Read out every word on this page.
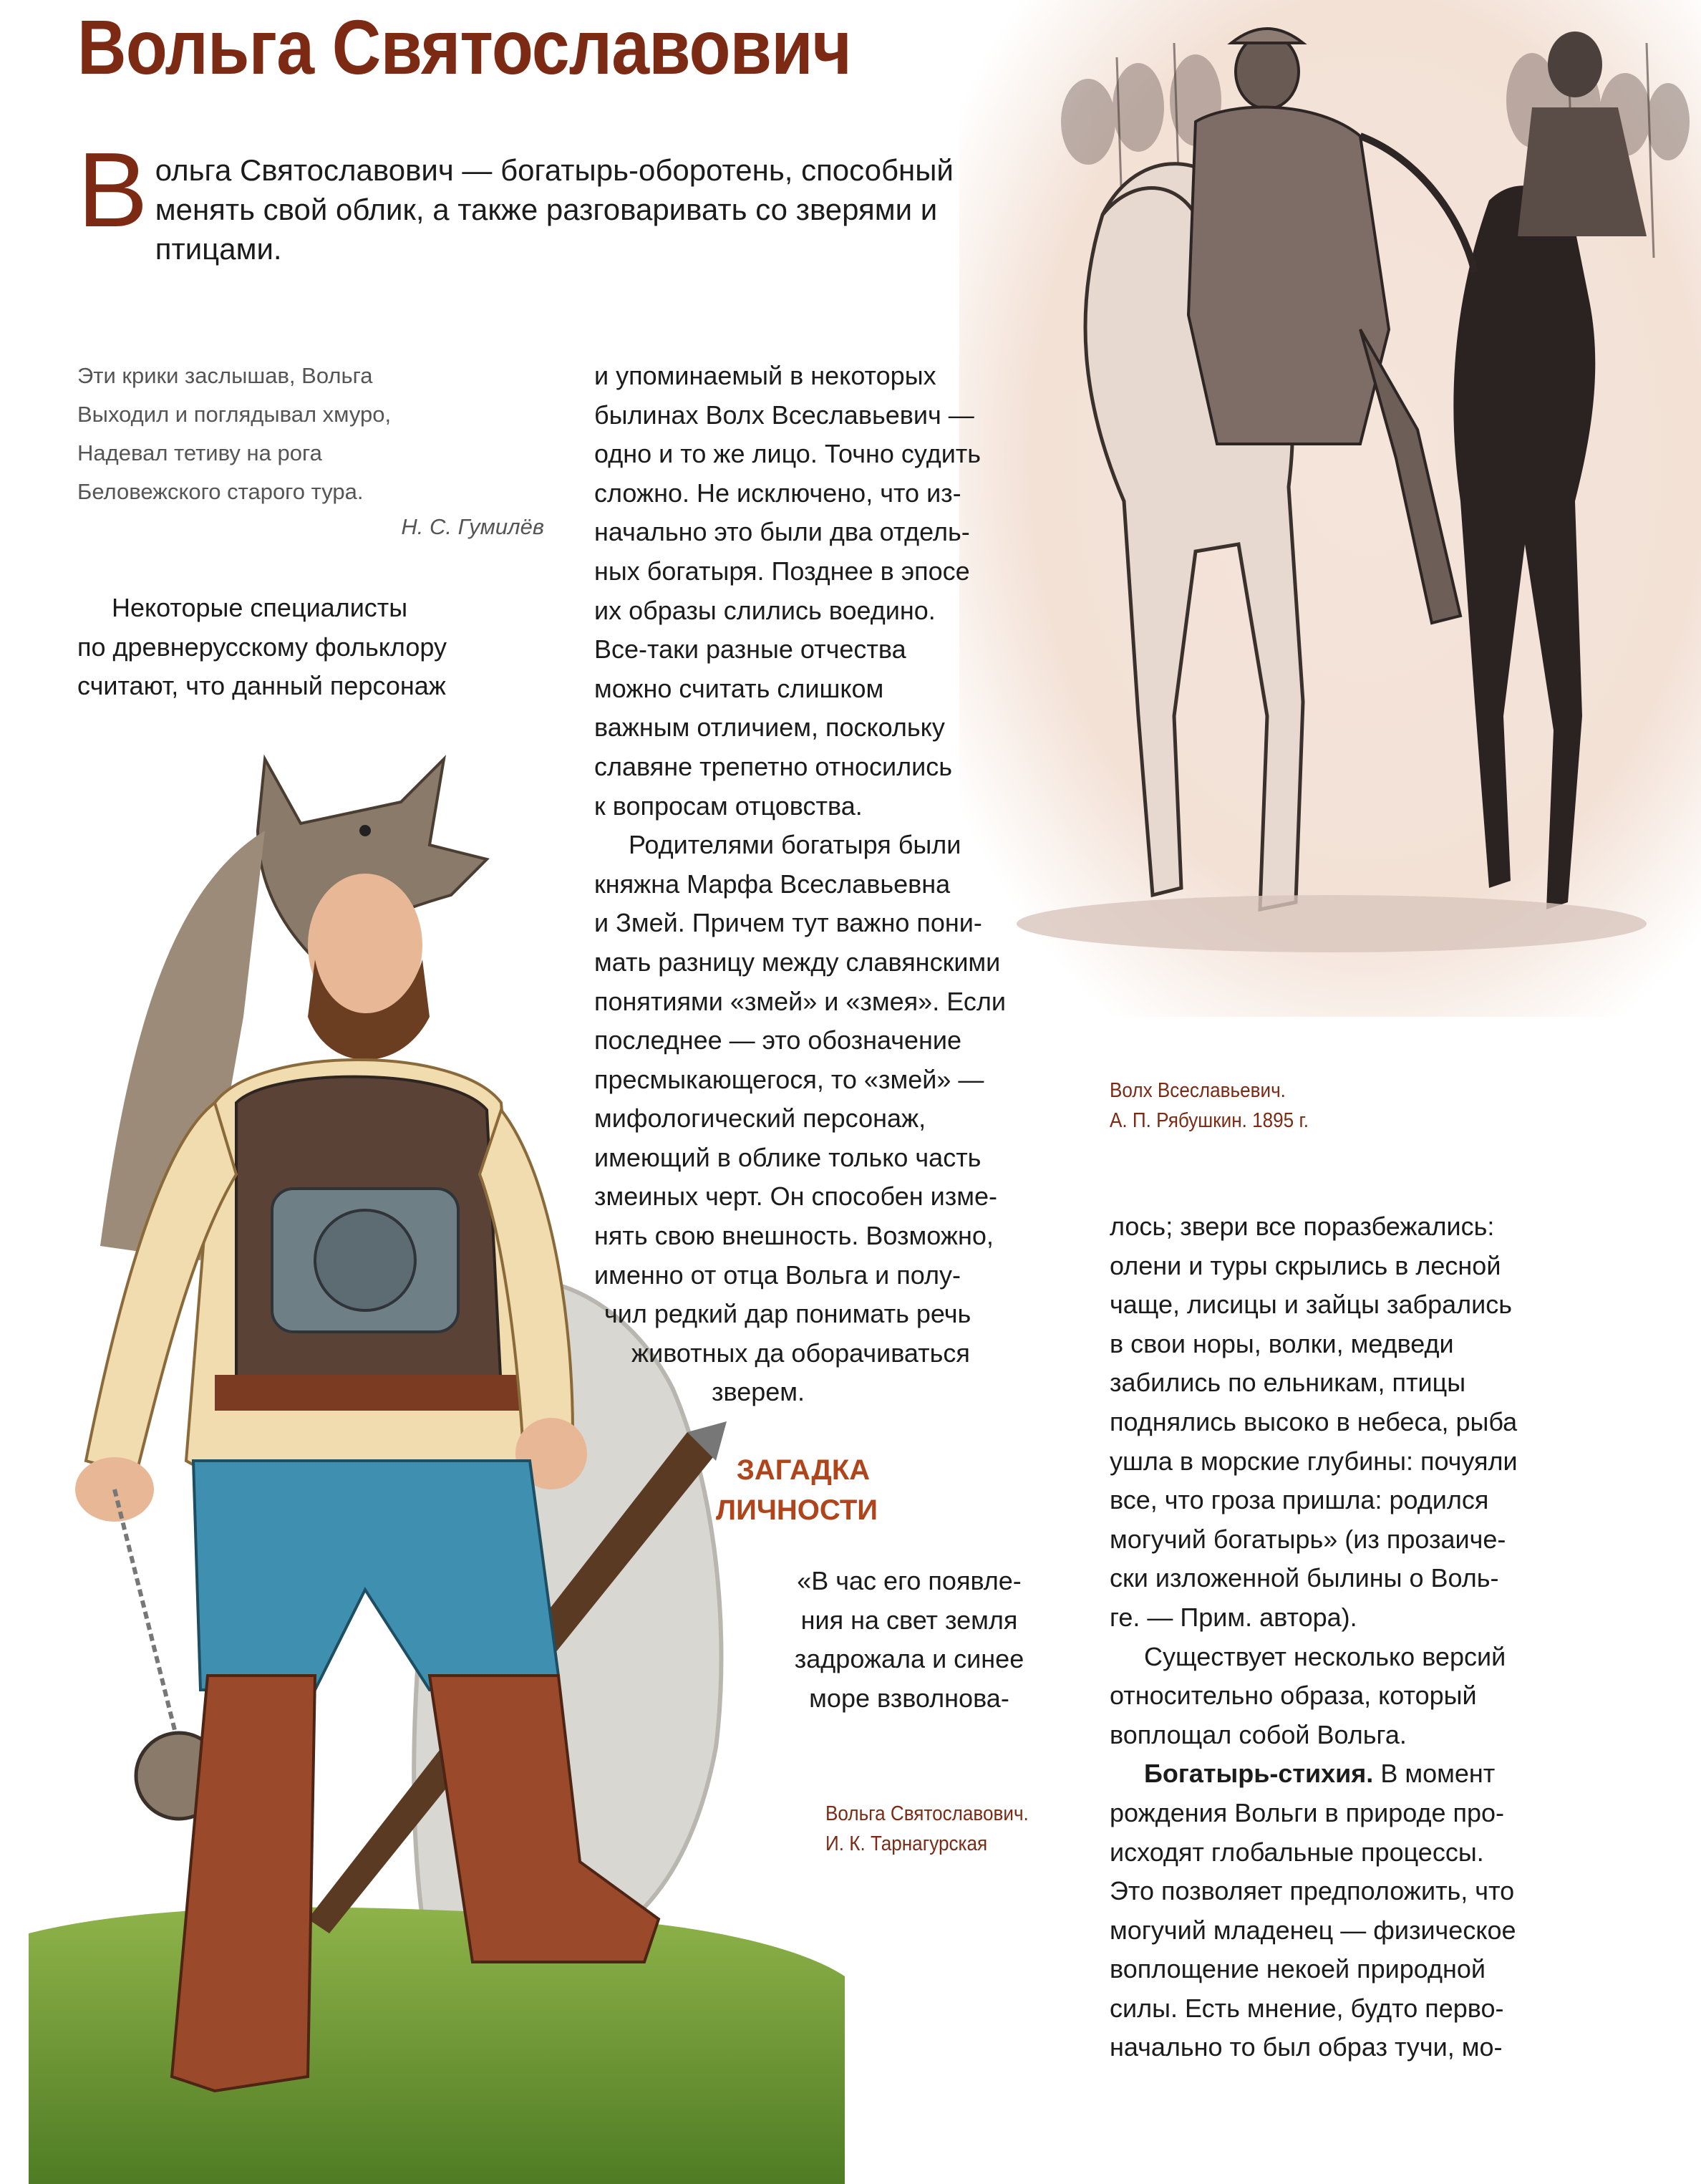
Вольга Святославович
Вольга Святославович — богатырь-оборотень, способный менять свой облик, а также разговаривать со зверями и птицами.
Эти крики заслышав, Вольга
Выходил и поглядывал хмуро,
Надевал тетиву на рога
Беловежского старого тура.
Н. С. Гумилёв
Некоторые специалисты
по древнерусскому фольклору
считают, что данный персонаж
и упоминаемый в некоторых
былинах Волх Всеславьевич —
одно и то же лицо. Точно судить
сложно. Не исключено, что из-
начально это были два отдель-
ных богатыря. Позднее в эпосе
их образы слились воедино.
Все-таки разные отчества
можно считать слишком
важным отличием, поскольку
славяне трепетно относились
к вопросам отцовства.
Родителями богатыря были
княжна Марфа Всеславьевна
и Змей. Причем тут важно пони-
мать разницу между славянскими
понятиями «змей» и «змея». Если
последнее — это обозначение
пресмыкающегося, то «змей» —
мифологический персонаж,
имеющий в облике только часть
змеиных черт. Он способен изме-
нять свою внешность. Возможно,
именно от отца Вольга и полу-
чил редкий дар понимать речь
животных да оборачиваться
зверем.
ЗАГАДКА
ЛИЧНОСТИ
«В час его появле-
ния на свет земля
задрожала и синее
море взволнова-
Волх Всеславьевич.
А. П. Рябушкин. 1895 г.
Вольга Святославович.
И. К. Тарнагурская
лось; звери все поразбежались:
олени и туры скрылись в лесной
чаще, лисицы и зайцы забрались
в свои норы, волки, медведи
забились по ельникам, птицы
поднялись высоко в небеса, рыба
ушла в морские глубины: почуяли
все, что гроза пришла: родился
могучий богатырь» (из прозаиче-
ски изложенной былины о Воль-
ге. — Прим. автора).
Существует несколько версий
относительно образа, который
воплощал собой Вольга.
Богатырь-стихия. В момент
рождения Вольги в природе про-
исходят глобальные процессы.
Это позволяет предположить, что
могучий младенец — физическое
воплощение некоей природной
силы. Есть мнение, будто перво-
начально то был образ тучи, мо-
